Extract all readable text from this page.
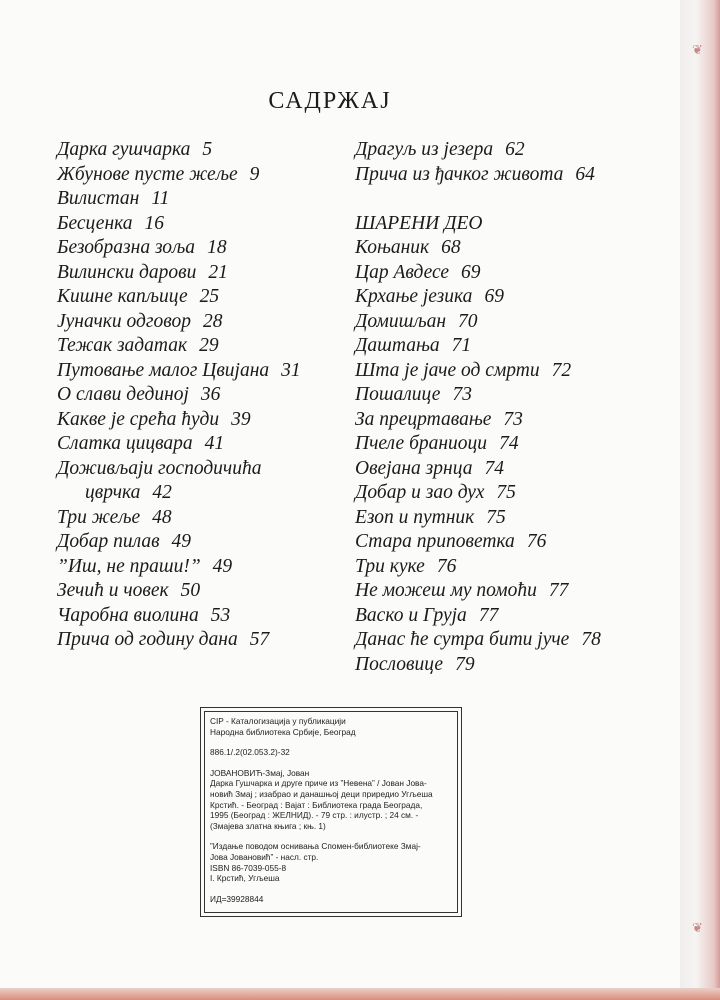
❦
❦
САДРЖАЈ
Дарка гушчарка 5
Жбунове пусте жеље 9
Вилистан 11
Бесценка 16
Безобразна зоља 18
Вилински дарови 21
Кишне капљице 25
Јуначки одговор 28
Тежак задатак 29
Путовање малог Цвијана 31
О слави дединој 36
Какве је срећа ћуди 39
Слатка цицвара 41
Доживљаји господичића
цврчка 42
Три жеље 48
Добар пилав 49
”Иш, не праши!” 49
Зечић и човек 50
Чаробна виолина 53
Прича од годину дана 57
Драгуљ из језера 62
Прича из ђачког живота 64
ШАРЕНИ ДЕО
Коњаник 68
Цар Авдесе 69
Крхање језика 69
Домишљан 70
Даштања 71
Шта је јаче од смрти 72
Пошалице 73
За прецртавање 73
Пчеле браниоци 74
Овејана зрнца 74
Добар и зао дух 75
Езоп и путник 75
Стара приповетка 76
Три куке 76
Не можеш му помоћи 77
Васко и Груја 77
Данас ће сутра бити јуче 78
Пословице 79
CIP - Каталогизација у публикацији
Народна библиотека Србије, Београд
886.1/.2(02.053.2)-32
ЈОВАНОВИЋ-Змај, Јован
Дарка Гушчарка и друге приче из ”Невена” / Јован Јова-
новић Змај ; изабрао и данашњој деци приредио Угљеша
Крстић. - Београд : Вајат : Библиотека града Београда,
1995 (Београд : ЖЕЛНИД). - 79 стр. : илустр. ; 24 см. -
(Змајева златна књига ; књ. 1)
”Издање поводом оснивања Спомен-библиотеке Змај-
Јова Јовановић” - насл. стр.
ISBN 86-7039-055-8
I. Крстић, Угљеша
ИД=39928844
